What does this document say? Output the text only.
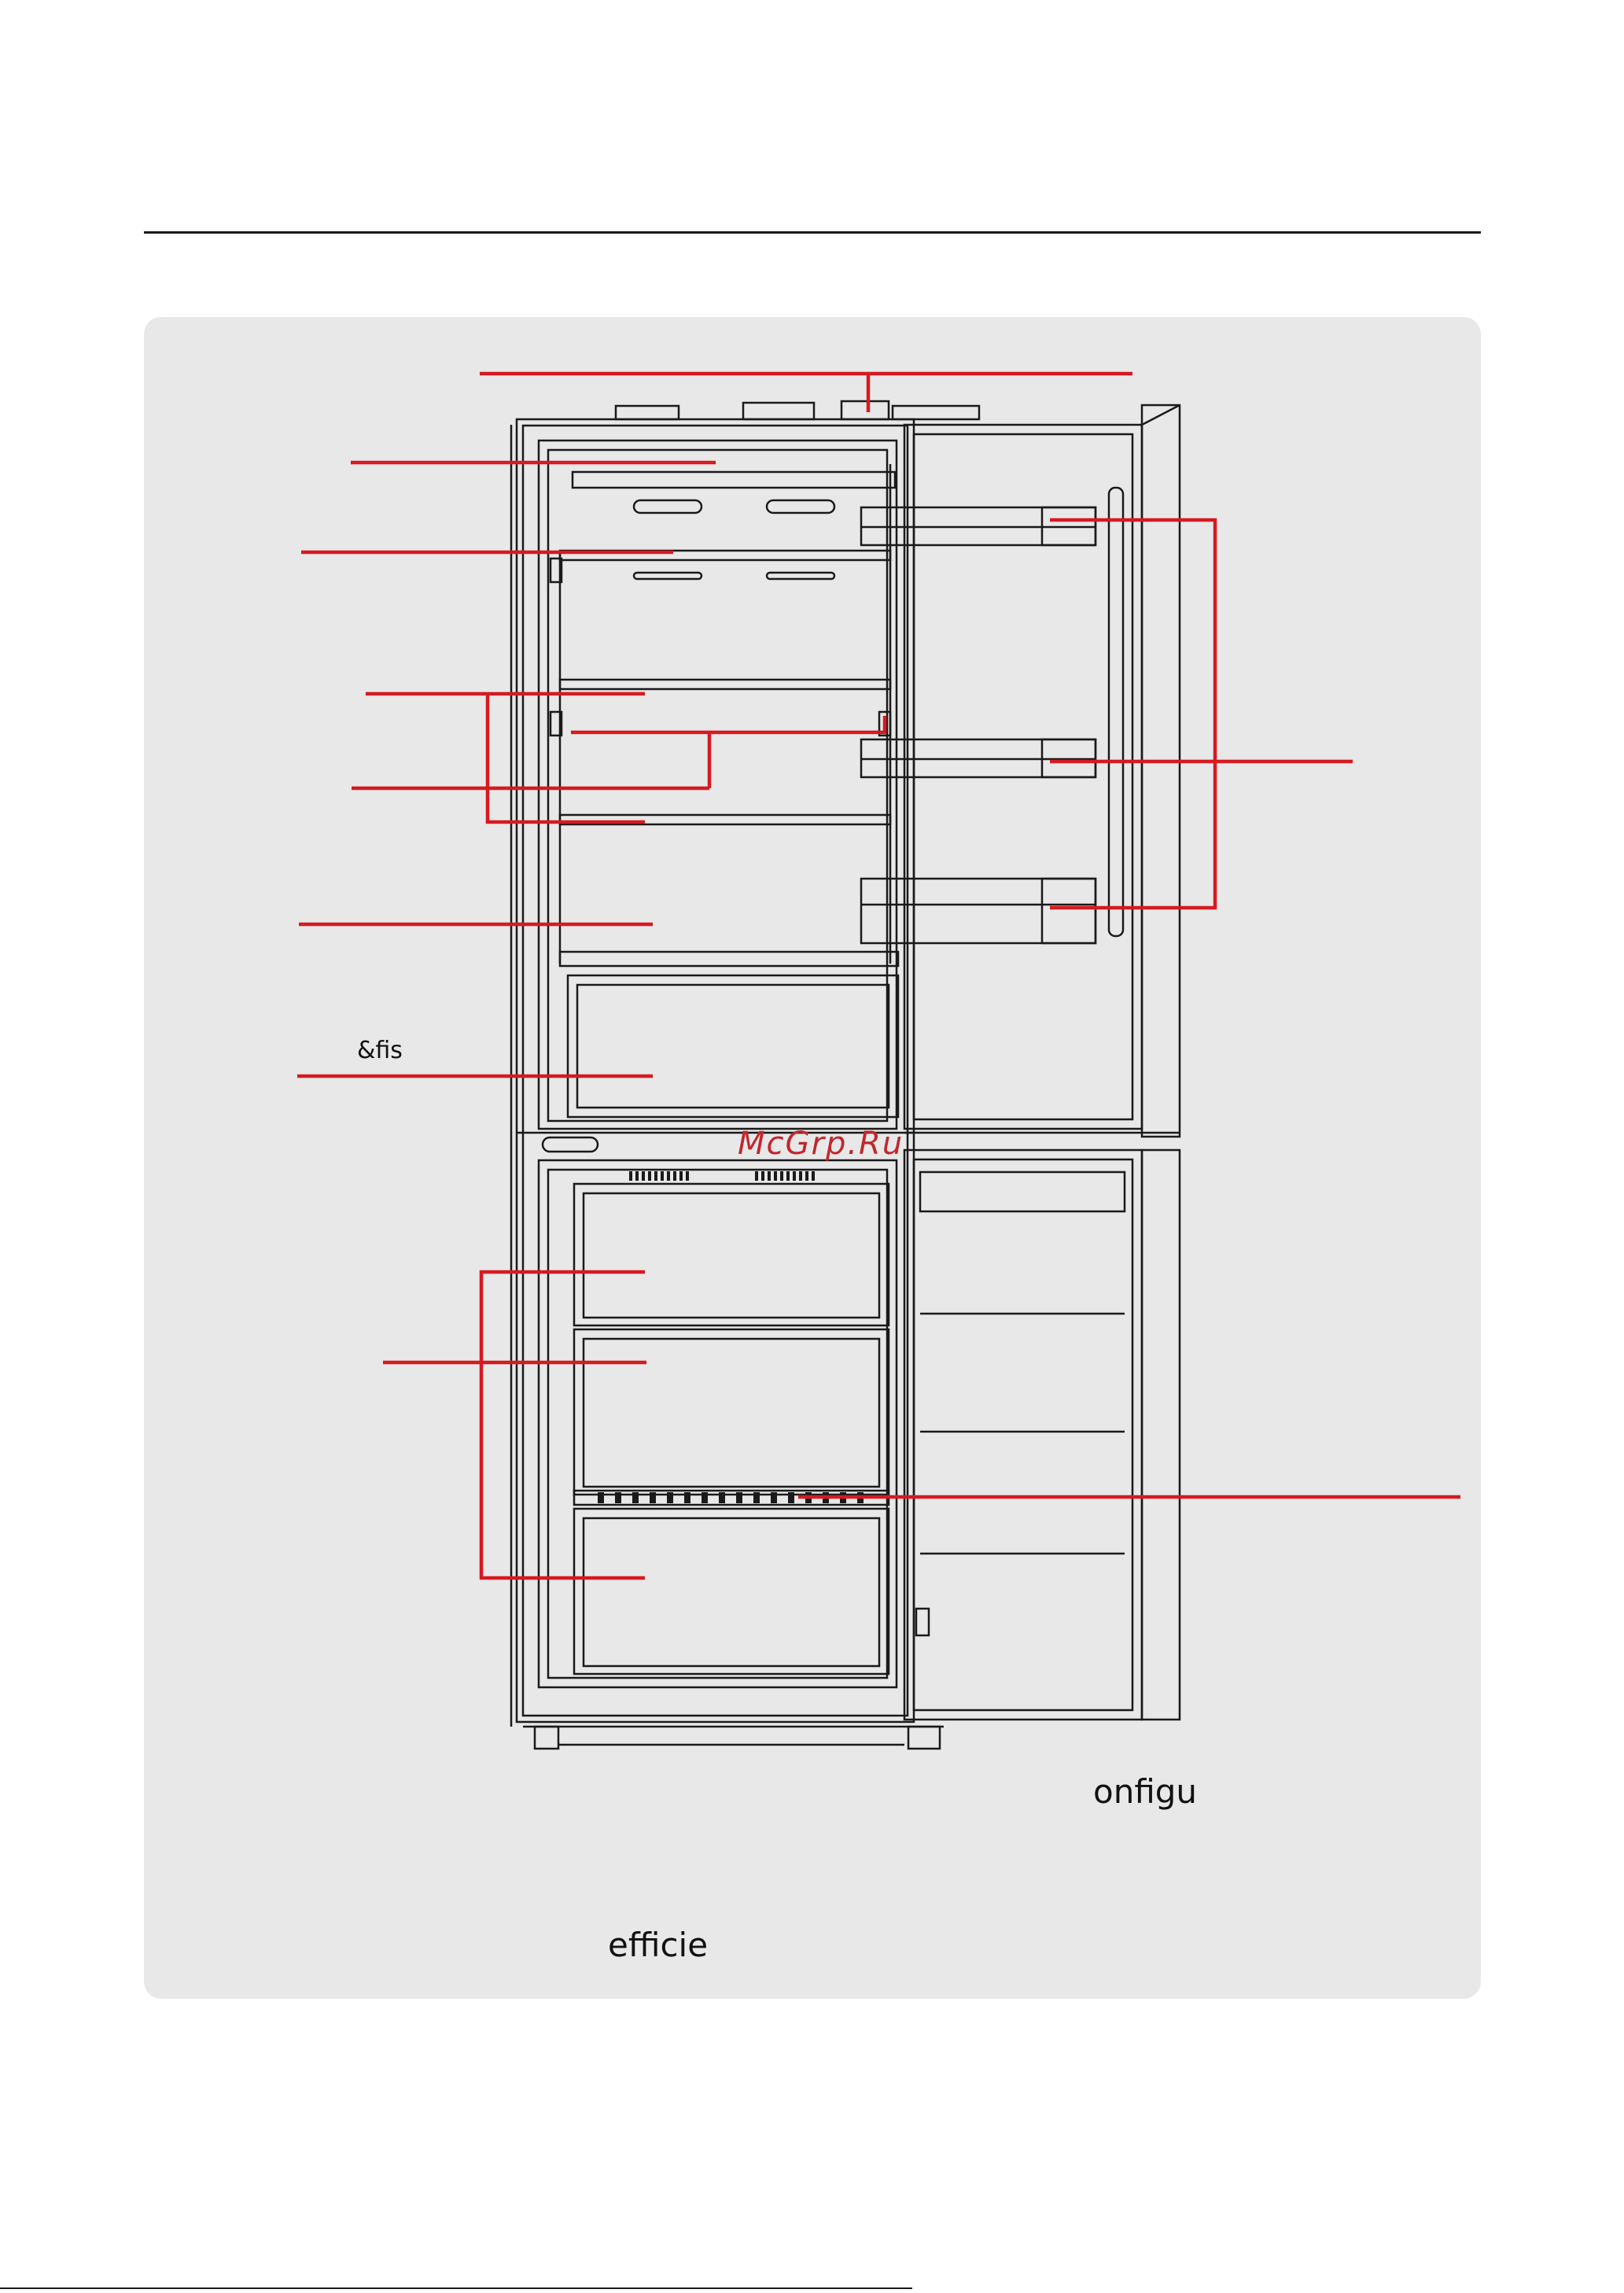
&fis
McGrp.Ru
onfigu
efficie
